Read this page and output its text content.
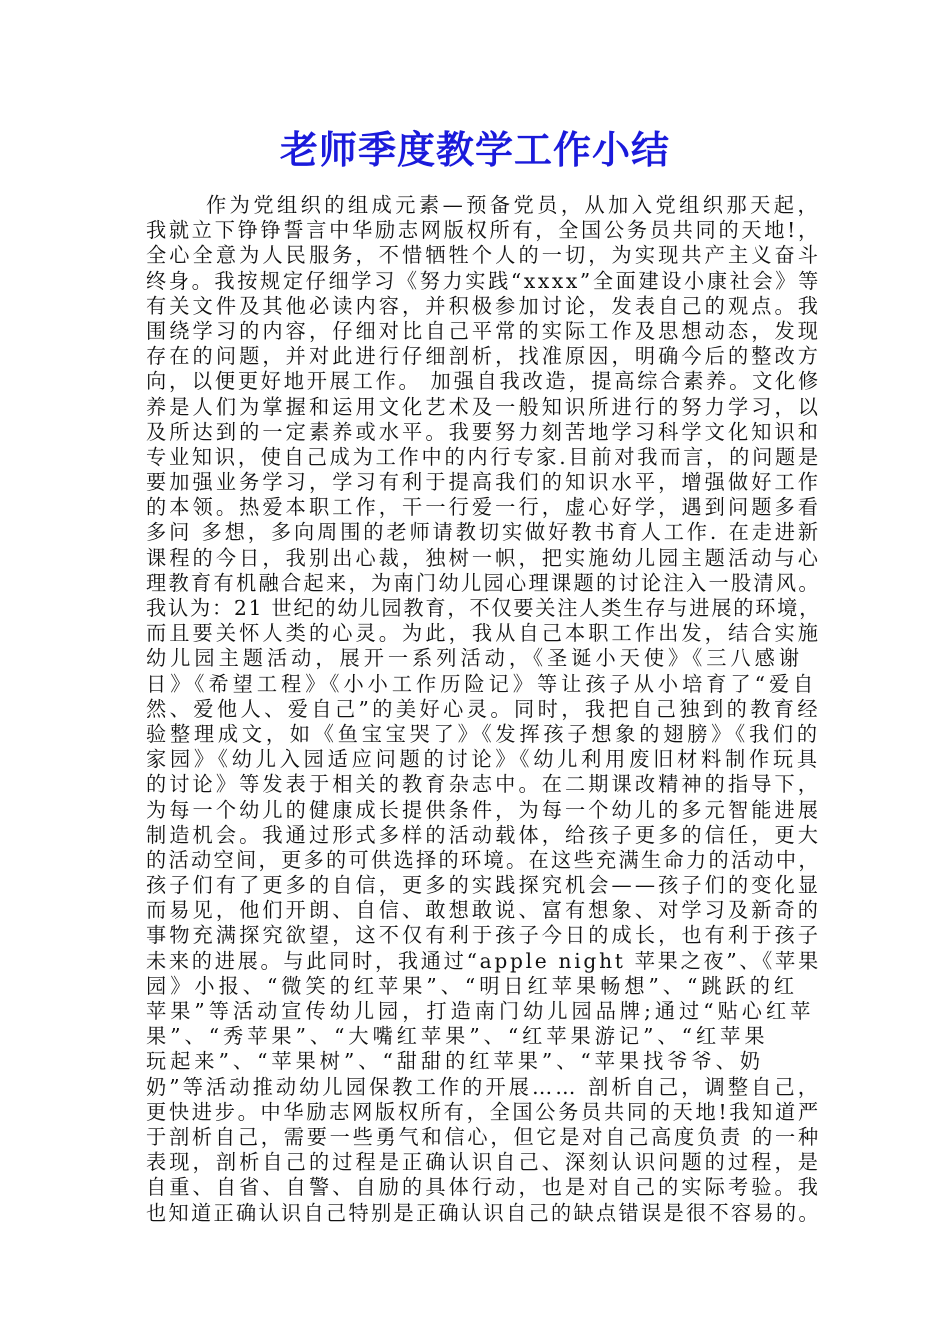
老师季度教学工作小结
作为党组织的组成元素—预备党员，从加入党组织那天起，
我就立下铮铮誓言中华励志网版权所有，全国公务员共同的天地!，
全心全意为人民服务，不惜牺牲个人的一切，为实现共产主义奋斗
终身。我按规定仔细学习《努力实践“xxxx”全面建设小康社会》等
有关文件及其他必读内容，并积极参加讨论，发表自己的观点。我
围绕学习的内容，仔细对比自己平常的实际工作及思想动态，发现
存在的问题，并对此进行仔细剖析，找准原因，明确今后的整改方
向，以便更好地开展工作。 加强自我改造，提高综合素养。文化修
养是人们为掌握和运用文化艺术及一般知识所进行的努力学习，以
及所达到的一定素养或水平。我要努力刻苦地学习科学文化知识和
专业知识，使自己成为工作中的内行专家.目前对我而言，的问题是
要加强业务学习，学习有利于提高我们的知识水平，增强做好工作
的本领。热爱本职工作，干一行爱一行，虚心好学，遇到问题多看
多问 多想，多向周围的老师请教切实做好教书育人工作. 在走进新
课程的今日，我别出心裁，独树一帜，把实施幼儿园主题活动与心
理教育有机融合起来，为南门幼儿园心理课题的讨论注入一股清风。
我认为：21 世纪的幼儿园教育，不仅要关注人类生存与进展的环境，
而且要关怀人类的心灵。为此，我从自己本职工作出发，结合实施
幼儿园主题活动，展开一系列活动，《圣诞小天使》《三八感谢
日》《希望工程》《小小工作历险记》等让孩子从小培育了“爱自
然、爱他人、爱自己”的美好心灵。同时，我把自己独到的教育经
验整理成文，如《鱼宝宝哭了》《发挥孩子想象的翅膀》《我们的
家园》《幼儿入园适应问题的讨论》《幼儿利用废旧材料制作玩具
的讨论》等发表于相关的教育杂志中。在二期课改精神的指导下，
为每一个幼儿的健康成长提供条件，为每一个幼儿的多元智能进展
制造机会。我通过形式多样的活动载体，给孩子更多的信任，更大
的活动空间，更多的可供选择的环境。在这些充满生命力的活动中，
孩子们有了更多的自信，更多的实践探究机会——孩子们的变化显
而易见，他们开朗、自信、敢想敢说、富有想象、对学习及新奇的
事物充满探究欲望，这不仅有利于孩子今日的成长，也有利于孩子
未来的进展。与此同时，我通过“apple night 苹果之夜”、《苹果
园》小报、“微笑的红苹果”、“明日红苹果畅想”、“跳跃的红
苹果”等活动宣传幼儿园，打造南门幼儿园品牌;通过“贴心红苹
果”、“秀苹果”、“大嘴红苹果”、“红苹果游记”、“红苹果
玩起来”、“苹果树”、“甜甜的红苹果”、“苹果找爷爷、奶
奶”等活动推动幼儿园保教工作的开展…… 剖析自己，调整自己，
更快进步。中华励志网版权所有，全国公务员共同的天地!我知道严
于剖析自己，需要一些勇气和信心，但它是对自己高度负责 的一种
表现，剖析自己的过程是正确认识自己、深刻认识问题的过程，是
自重、自省、自警、自励的具体行动，也是对自己的实际考验。我
也知道正确认识自己特别是正确认识自己的缺点错误是很不容易的。
